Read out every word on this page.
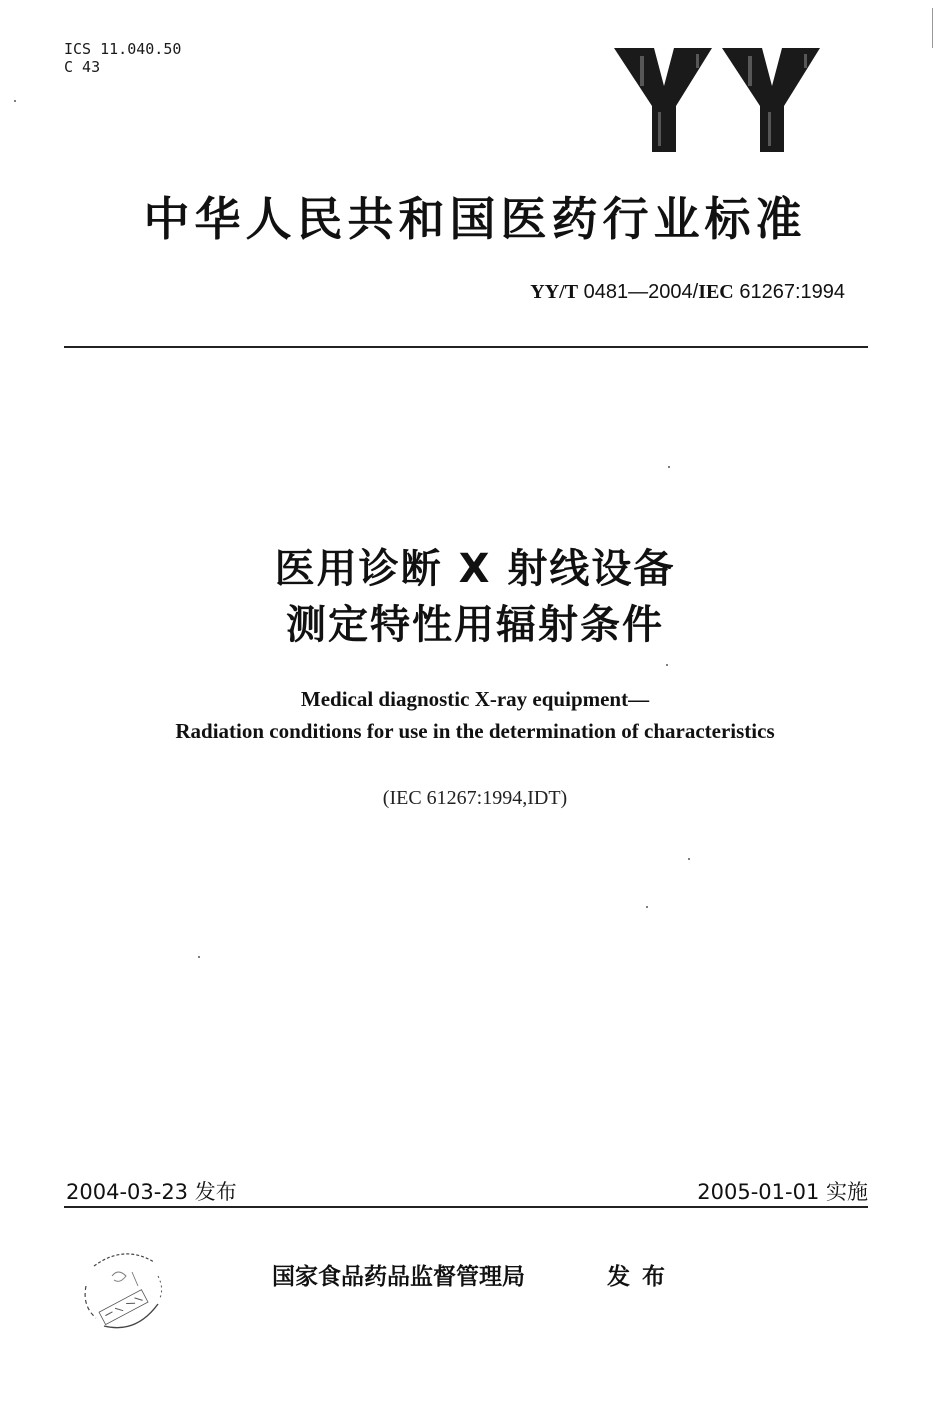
ICS 11.040.50
C 43
中华人民共和国医药行业标准
YY/T 0481—2004/IEC 61267:1994
医用诊断 X 射线设备
测定特性用辐射条件
Medical diagnostic X-ray equipment—
Radiation conditions for use in the determination of characteristics
(IEC 61267:1994,IDT)
2004-03-23 发布	2005-01-01 实施
国家食品药品监督管理局	发布
